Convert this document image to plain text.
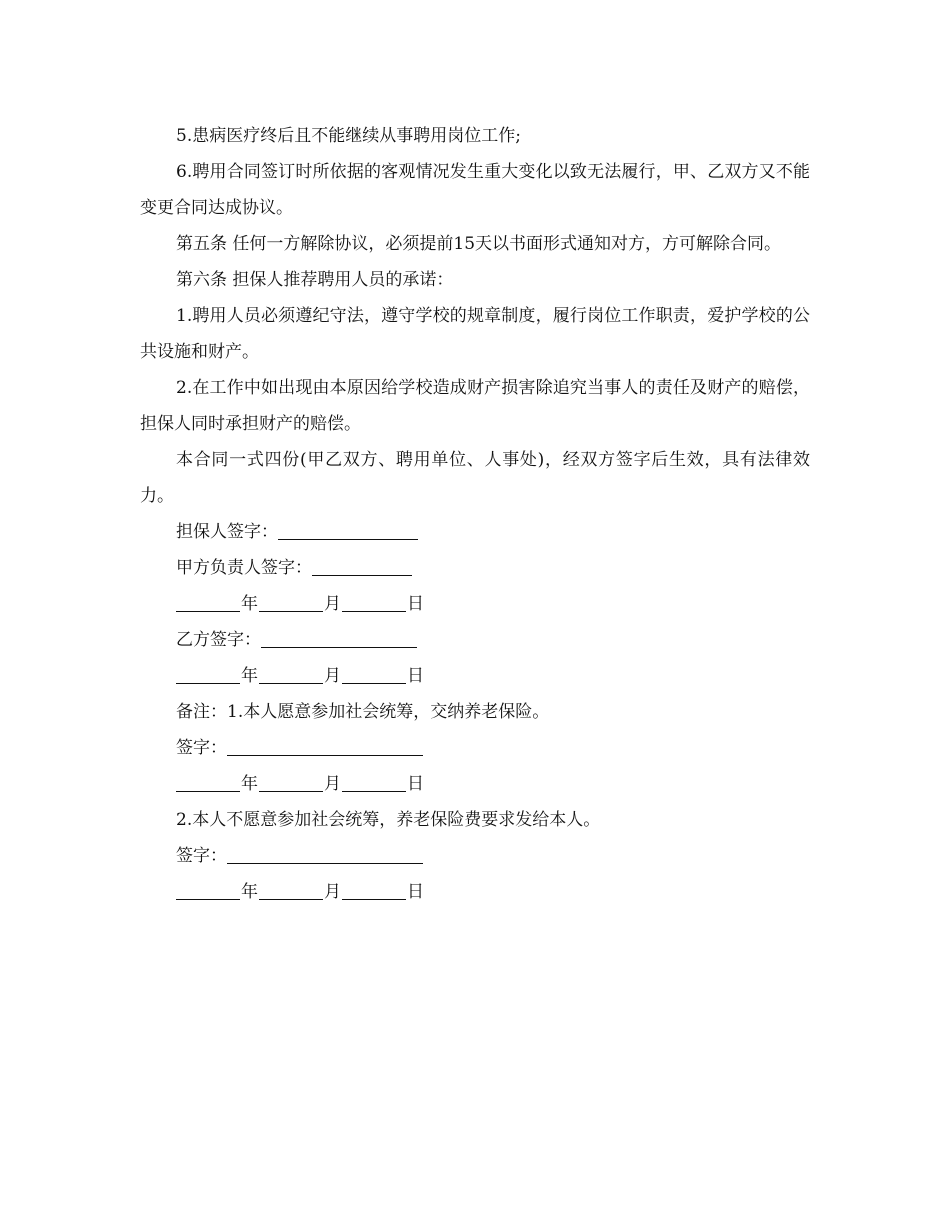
5.患病医疗终后且不能继续从事聘用岗位工作;

6.聘用合同签订时所依据的客观情况发生重大变化以致无法履行，甲、乙双方又不能变更合同达成协议。

第五条 任何一方解除协议，必须提前15天以书面形式通知对方，方可解除合同。

第六条 担保人推荐聘用人员的承诺：

1.聘用人员必须遵纪守法，遵守学校的规章制度，履行岗位工作职责，爱护学校的公共设施和财产。

2.在工作中如出现由本原因给学校造成财产损害除追究当事人的责任及财产的赔偿，担保人同时承担财产的赔偿。

本合同一式四份(甲乙双方、聘用单位、人事处)，经双方签字后生效，具有法律效力。

担保人签字：
甲方负责人签字：
年	月	日
乙方签字：
年	月	日
备注：1.本人愿意参加社会统筹，交纳养老保险。
签字：
年	月	日
2.本人不愿意参加社会统筹，养老保险费要求发给本人。
签字：
年	月	日
